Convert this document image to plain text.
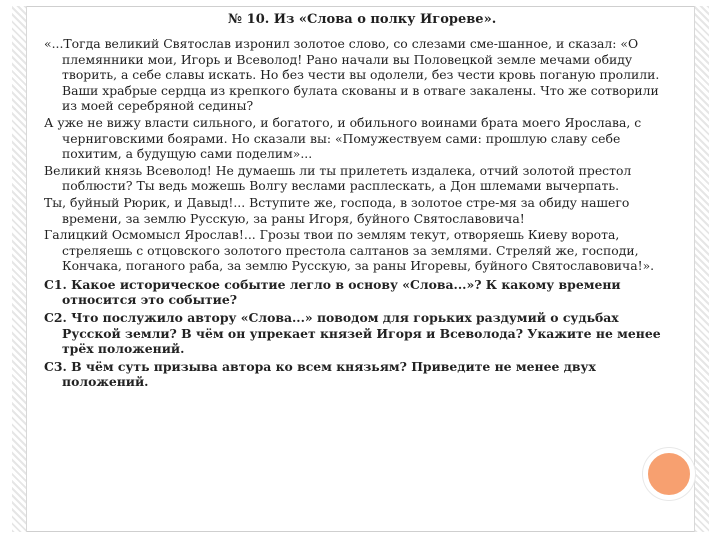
№ 10. Из «Слова о полку Игореве».

«...Тогда великий Святослав изронил золотое слово, со слезами сме-шанное, и сказал: «О племянники мои, Игорь и Всеволод! Рано начали вы Половецкой земле мечами обиду творить, а себе славы искать. Но без чести вы одолели, без чести кровь поганую пролили. Ваши храбрые сердца из крепкого булата скованы и в отваге закалены. Что же сотворили из моей серебряной седины?

А уже не вижу власти сильного, и богатого, и обильного воинами брата моего Ярослава, с черниговскими боярами. Но сказали вы: «Помужествуем сами: прошлую славу себе похитим, а будущую сами поделим»...

Великий князь Всеволод! Не думаешь ли ты прилететь издалека, отчий золотой престол поблюсти? Ты ведь можешь Волгу веслами расплескать, а Дон шлемами вычерпать.

Ты, буйный Рюрик, и Давыд!... Вступите же, господа, в золотое стре-мя за обиду нашего времени, за землю Русскую, за раны Игоря, буйного Святославовича!

Галицкий Осмомысл Ярослав!... Грозы твои по землям текут, отворяешь Киеву ворота, стреляешь с отцовского золотого престола салтанов за землями. Стреляй же, господи, Кончака, поганого раба, за землю Русскую, за раны Игоревы, буйного Святославовича!».

С1. Какое историческое событие легло в основу «Слова...»? К какому времени относится это событие?

С2. Что послужило автору «Слова...» поводом для горьких раздумий о судьбах Русской земли? В чём он упрекает князей Игоря и Всеволода? Укажите не менее трёх положений.

С3. В чём суть призыва автора ко всем князьям? Приведите не менее двух положений.
